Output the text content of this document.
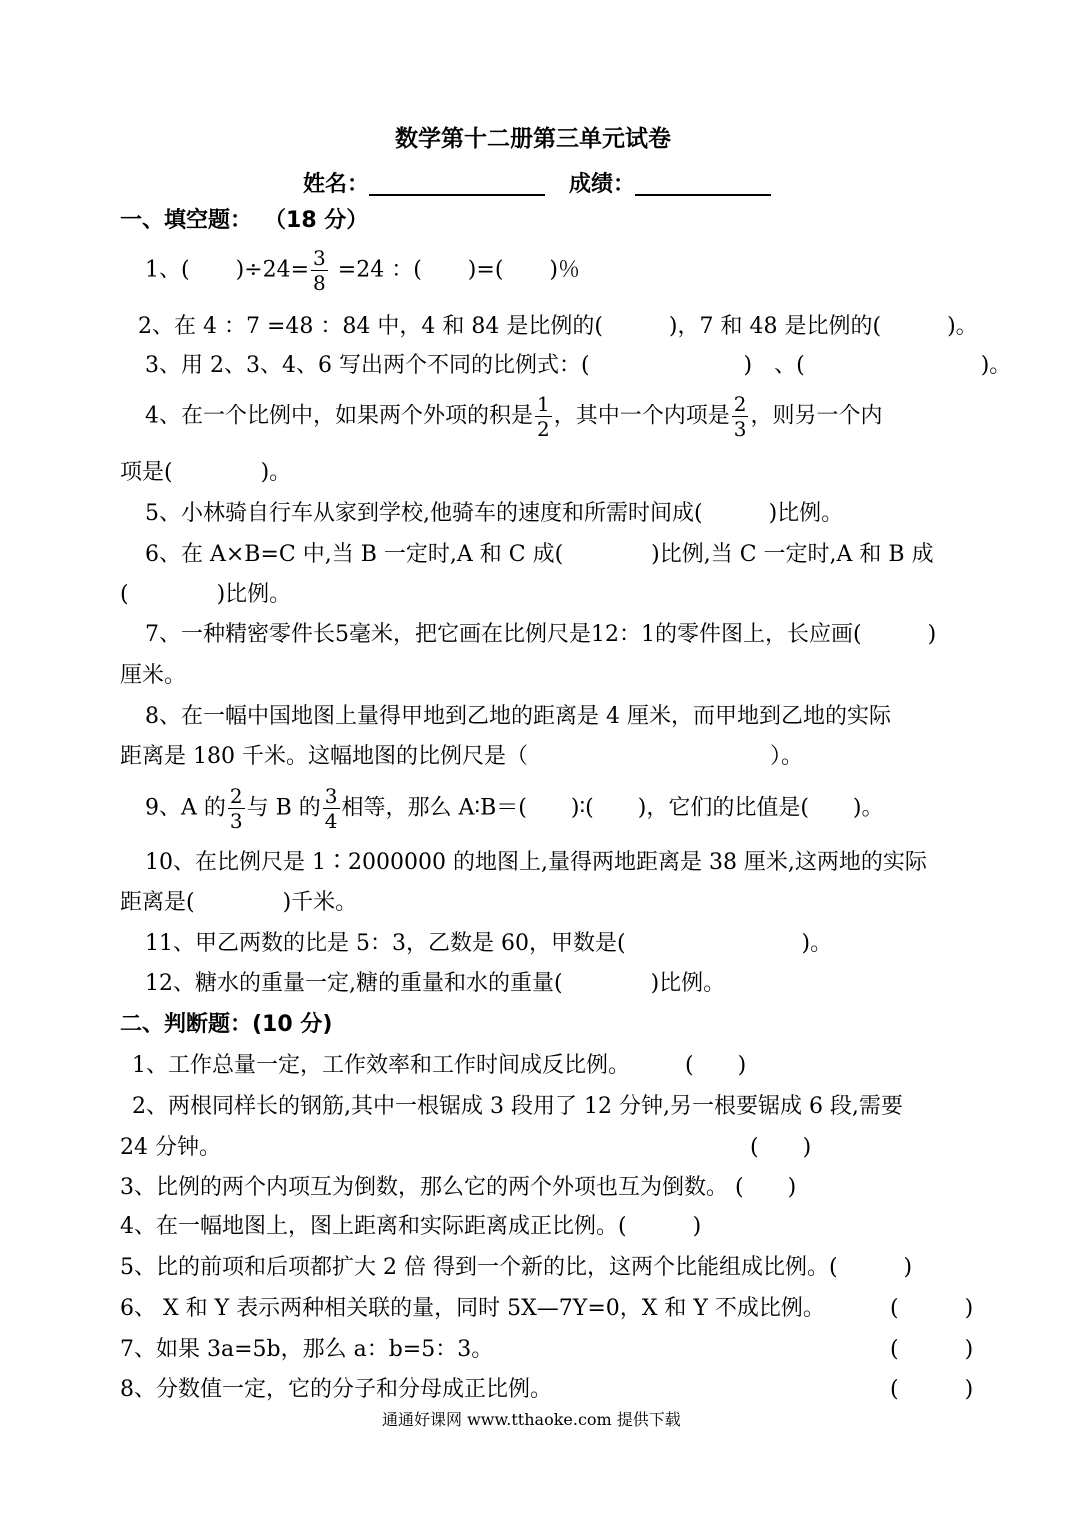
数学第十二册第三单元试卷
姓名：	成绩：
一、填空题： （18 分）
1、( )$\div 24= \frac{3}{8} =24$ ：( )=( )％
2、在 4 ：7 =48 ：84 中，4 和 84 是比例的(　　　)，7 和 48 是比例的(　　　)。
3、用 2、3、4、6 写出两个不同的比例式：(　　　　　　　)　、(　　　　　　　　)。
4、在一个比例中，如果两个外项的积是 $\frac{1}{2}$ ，其中一个内项是 $\frac{2}{3}$ ，则另一个内
项是(　　　　)。
5、小林骑自行车从家到学校,他骑车的速度和所需时间成(　　　)比例。
6、在 A×B=C 中,当 B 一定时,A 和 C 成(　　　　)比例,当 C 一定时,A 和 B 成
(　　　　)比例。
7、一种精密零件长5毫米，把它画在比例尺是12：1的零件图上，长应画(　　　)
厘米。
8、在一幅中国地图上量得甲地到乙地的距离是 4 厘米，而甲地到乙地的实际
距离是 180 千米。这幅地图的比例尺是（　　　　　　　　　　　）。
9、A 的 $\frac{2}{3}$ 与 B 的 $\frac{3}{4}$ 相等，那么 A∶B＝(　　)∶(　　)，它们的比值是(　　)。
10、在比例尺是 1∶2000000 的地图上,量得两地距离是 38 厘米,这两地的实际
距离是(　　　　)千米。
11、甲乙两数的比是 5：3，乙数是 60，甲数是(　　　　　　　　)。
12、糖水的重量一定,糖的重量和水的重量(　　　　)比例。
二、判断题：(10 分)
1、工作总量一定，工作效率和工作时间成反比例。　　　(　　)
2、两根同样长的钢筋,其中一根锯成 3 段用了 12 分钟,另一根要锯成 6 段,需要
24 分钟。	(　　)
3、比例的两个内项互为倒数，那么它的两个外项也互为倒数。 (　　)
4、在一幅地图上，图上距离和实际距离成正比例。(　　　)
5、比的前项和后项都扩大 2 倍 得到一个新的比，这两个比能组成比例。(　　　)
6、 X 和 Y 表示两种相关联的量，同时 5X—7Y=0，X 和 Y 不成比例。	(　　　)
7、如果 3a=5b，那么 a：b=5：3。	(　　　)
8、分数值一定，它的分子和分母成正比例。	(　　　)
通通好课网 www.tthaoke.com 提供下载
